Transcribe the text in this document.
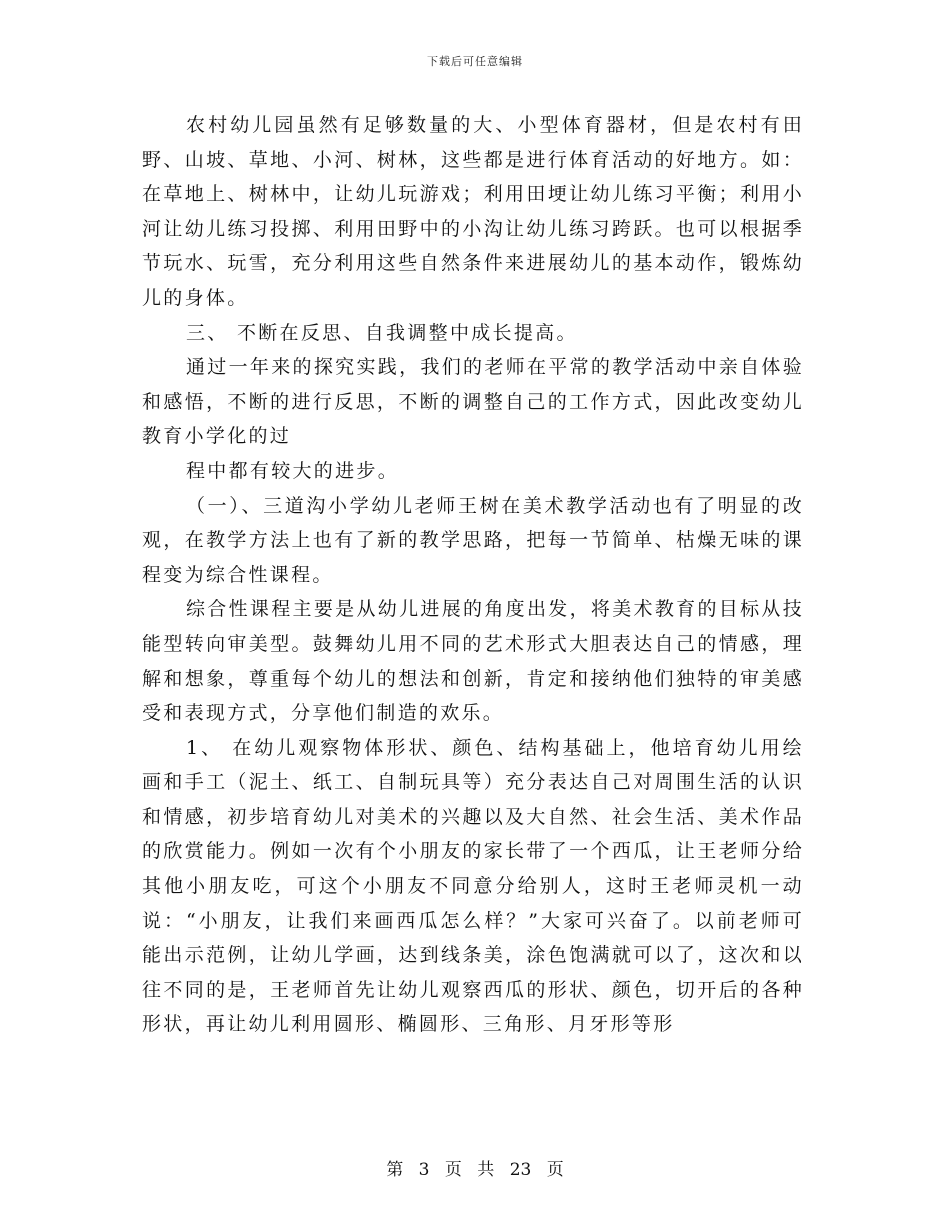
下载后可任意编辑

农村幼儿园虽然有足够数量的大、小型体育器材，但是农村有田野、山坡、草地、小河、树林，这些都是进行体育活动的好地方。如：在草地上、树林中，让幼儿玩游戏；利用田埂让幼儿练习平衡；利用小河让幼儿练习投掷、利用田野中的小沟让幼儿练习跨跃。也可以根据季节玩水、玩雪，充分利用这些自然条件来进展幼儿的基本动作，锻炼幼儿的身体。

三、 不断在反思、自我调整中成长提高。

通过一年来的探究实践，我们的老师在平常的教学活动中亲自体验和感悟，不断的进行反思，不断的调整自己的工作方式，因此改变幼儿教育小学化的过

程中都有较大的进步。

（一）、三道沟小学幼儿老师王树在美术教学活动也有了明显的改观，在教学方法上也有了新的教学思路，把每一节简单、枯燥无味的课程变为综合性课程。

综合性课程主要是从幼儿进展的角度出发，将美术教育的目标从技能型转向审美型。鼓舞幼儿用不同的艺术形式大胆表达自己的情感，理解和想象，尊重每个幼儿的想法和创新，肯定和接纳他们独特的审美感受和表现方式，分享他们制造的欢乐。

1、 在幼儿观察物体形状、颜色、结构基础上，他培育幼儿用绘画和手工（泥土、纸工、自制玩具等）充分表达自己对周围生活的认识和情感，初步培育幼儿对美术的兴趣以及大自然、社会生活、美术作品的欣赏能力。例如一次有个小朋友的家长带了一个西瓜，让王老师分给其他小朋友吃，可这个小朋友不同意分给别人，这时王老师灵机一动说：“小朋友，让我们来画西瓜怎么样？”大家可兴奋了。以前老师可能出示范例，让幼儿学画，达到线条美，涂色饱满就可以了，这次和以往不同的是，王老师首先让幼儿观察西瓜的形状、颜色，切开后的各种形状，再让幼儿利用圆形、椭圆形、三角形、月牙形等形

第 3 页 共 23 页
